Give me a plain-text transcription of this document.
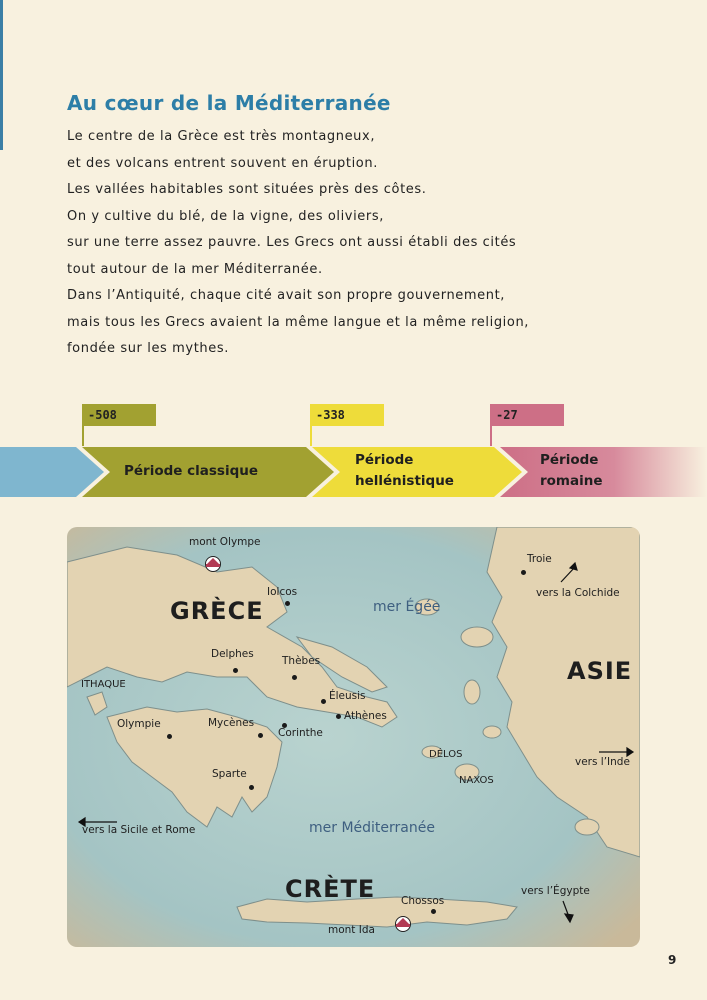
Au cœur de la Méditerranée
Le centre de la Grèce est très montagneux,
et des volcans entrent souvent en éruption.
Les vallées habitables sont situées près des côtes.
On y cultive du blé, de la vigne, des oliviers,
sur une terre assez pauvre. Les Grecs ont aussi établi des cités
tout autour de la mer Méditerranée.
Dans l’Antiquité, chaque cité avait son propre gouvernement,
mais tous les Grecs avaient la même langue et la même religion,
fondée sur les mythes.
-508	-338	-27
Période classique
Période
hellénistique
Période
romaine
mont Olympe
GRÈCE
Iolcos
mer Égée
Delphes
Thèbes
ITHAQUE
Éleusis
Athènes
Olympie	Mycènes
Corinthe
DÉLOS
NAXOS
Sparte
Troie
vers la Colchide
ASIE
vers l’Inde
vers la Sicile et Rome	mer Méditerranée
CRÈTE	vers l’Égypte
Chossos
mont Ida
9
